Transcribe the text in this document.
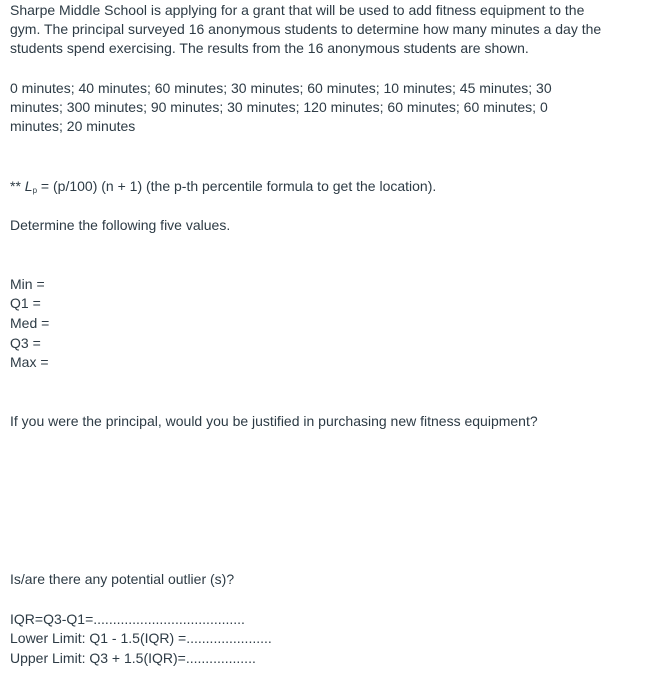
Sharpe Middle School is applying for a grant that will be used to add fitness equipment to the
gym. The principal surveyed 16 anonymous students to determine how many minutes a day the
students spend exercising. The results from the 16 anonymous students are shown.
0 minutes; 40 minutes; 60 minutes; 30 minutes; 60 minutes; 10 minutes; 45 minutes; 30
minutes; 300 minutes; 90 minutes; 30 minutes; 120 minutes; 60 minutes; 60 minutes; 0
minutes; 20 minutes
** $L_p = (p/100) (n + 1)$ (the p-th percentile formula to get the location).
Determine the following five values.
Min =
Q1 =
Med =
Q3 =
Max =
If you were the principal, would you be justified in purchasing new fitness equipment?
Is/are there any potential outlier (s)?
IQR=Q3-Q1=.......................................
Lower Limit: Q1 - 1.5(IQR) =......................
Upper Limit: Q3 + 1.5(IQR)=..................
